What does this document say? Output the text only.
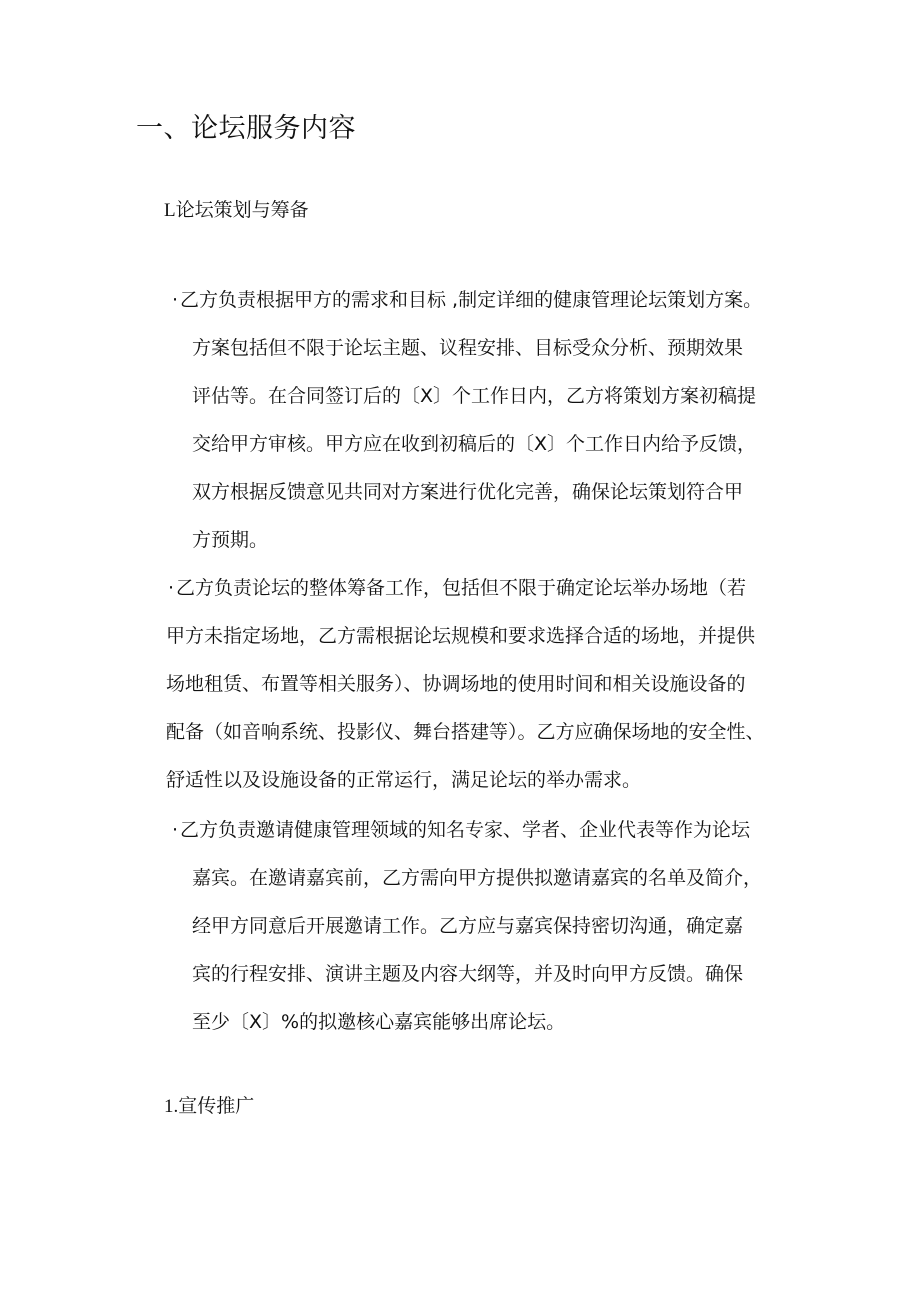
一、论坛服务内容
L论坛策划与筹备
· 乙方负责根据甲方的需求和目标 ,制定详细的健康管理论坛策划方案。
方案包括但不限于论坛主题、议程安排、目标受众分析、预期效果
评估等。在合同签订后的〔X〕个工作日内，乙方将策划方案初稿提
交给甲方审核。甲方应在收到初稿后的〔X〕个工作日内给予反馈，
双方根据反馈意见共同对方案进行优化完善，确保论坛策划符合甲
方预期。
· 乙方负责论坛的整体筹备工作，包括但不限于确定论坛举办场地（若
甲方未指定场地，乙方需根据论坛规模和要求选择合适的场地，并提供
场地租赁、布置等相关服务）、协调场地的使用时间和相关设施设备的
配备（如音响系统、投影仪、舞台搭建等）。乙方应确保场地的安全性、
舒适性以及设施设备的正常运行，满足论坛的举办需求。
· 乙方负责邀请健康管理领域的知名专家、学者、企业代表等作为论坛
嘉宾。在邀请嘉宾前，乙方需向甲方提供拟邀请嘉宾的名单及简介，
经甲方同意后开展邀请工作。乙方应与嘉宾保持密切沟通，确定嘉
宾的行程安排、演讲主题及内容大纲等，并及时向甲方反馈。确保
至少〔X〕%的拟邀核心嘉宾能够出席论坛。
1.宣传推广
